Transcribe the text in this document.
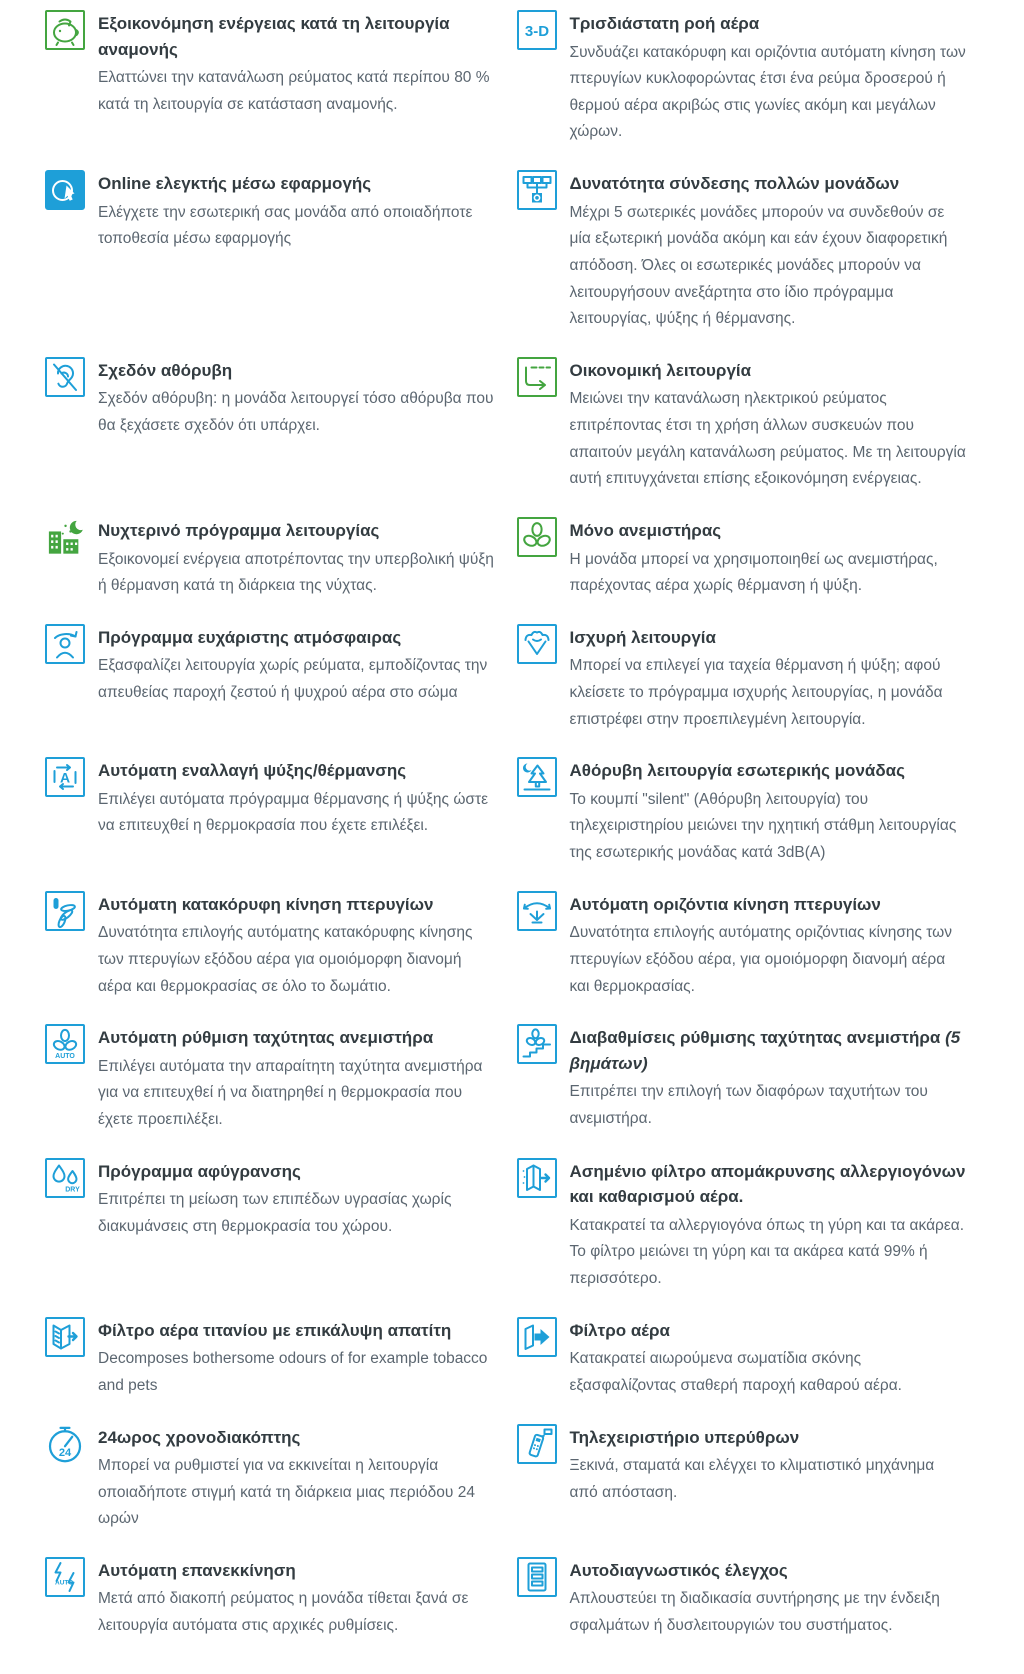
Εξοικονόμηση ενέργειας κατά τη λειτουργία αναμονής

Ελαττώνει την κατανάλωση ρεύματος κατά περίπου 80 % κατά τη λειτουργία σε κατάσταση αναμονής.

3-D Τρισδιάστατη ροή αέρα

Συνδυάζει κατακόρυφη και οριζόντια αυτόματη κίνηση των πτερυγίων κυκλοφορώντας έτσι ένα ρεύμα δροσερού ή θερμού αέρα ακριβώς στις γωνίες ακόμη και μεγάλων χώρων.

Online ελεγκτής μέσω εφαρμογής

Ελέγχετε την εσωτερική σας μονάδα από οποιαδήποτε τοποθεσία μέσω εφαρμογής

Δυνατότητα σύνδεσης πολλών μονάδων

Μέχρι 5 σωτερικές μονάδες μπορούν να συνδεθούν σε μία εξωτερική μονάδα ακόμη και εάν έχουν διαφορετική απόδοση. Όλες οι εσωτερικές μονάδες μπορούν να λειτουργήσουν ανεξάρτητα στο ίδιο πρόγραμμα λειτουργίας, ψύξης ή θέρμανσης.

Σχεδόν αθόρυβη

Σχεδόν αθόρυβη: η μονάδα λειτουργεί τόσο αθόρυβα που θα ξεχάσετε σχεδόν ότι υπάρχει.

Οικονομική λειτουργία

Μειώνει την κατανάλωση ηλεκτρικού ρεύματος επιτρέποντας έτσι τη χρήση άλλων συσκευών που απαιτούν μεγάλη κατανάλωση ρεύματος. Με τη λειτουργία αυτή επιτυγχάνεται επίσης εξοικονόμηση ενέργειας.

Νυχτερινό πρόγραμμα λειτουργίας

Εξοικονομεί ενέργεια αποτρέποντας την υπερβολική ψύξη ή θέρμανση κατά τη διάρκεια της νύχτας.

Μόνο ανεμιστήρας

Η μονάδα μπορεί να χρησιμοποιηθεί ως ανεμιστήρας, παρέχοντας αέρα χωρίς θέρμανση ή ψύξη.

Πρόγραμμα ευχάριστης ατμόσφαιρας

Εξασφαλίζει λειτουργία χωρίς ρεύματα, εμποδίζοντας την απευθείας παροχή ζεστού ή ψυχρού αέρα στο σώμα

Ισχυρή λειτουργία

Μπορεί να επιλεγεί για ταχεία θέρμανση ή ψύξη; αφού κλείσετε το πρόγραμμα ισχυρής λειτουργίας, η μονάδα επιστρέφει στην προεπιλεγμένη λειτουργία.

A Αυτόματη εναλλαγή ψύξης/θέρμανσης

Επιλέγει αυτόματα πρόγραμμα θέρμανσης ή ψύξης ώστε να επιτευχθεί η θερμοκρασία που έχετε επιλέξει.

Αθόρυβη λειτουργία εσωτερικής μονάδας

Το κουμπί "silent" (Αθόρυβη λειτουργία) του τηλεχειριστηρίου μειώνει την ηχητική στάθμη λειτουργίας της εσωτερικής μονάδας κατά 3dB(A)

Αυτόματη κατακόρυφη κίνηση πτερυγίων

Δυνατότητα επιλογής αυτόματης κατακόρυφης κίνησης των πτερυγίων εξόδου αέρα για ομοιόμορφη διανομή αέρα και θερμοκρασίας σε όλο το δωμάτιο.

Αυτόματη οριζόντια κίνηση πτερυγίων

Δυνατότητα επιλογής αυτόματης οριζόντιας κίνησης των πτερυγίων εξόδου αέρα, για ομοιόμορφη διανομή αέρα και θερμοκρασίας.

AUTO
Αυτόματη ρύθμιση ταχύτητας ανεμιστήρα

Επιλέγει αυτόματα την απαραίτητη ταχύτητα ανεμιστήρα για να επιτευχθεί ή να διατηρηθεί η θερμοκρασία που έχετε προεπιλέξει.

Διαβαθμίσεις ρύθμισης ταχύτητας ανεμιστήρα (5 βημάτων)

Επιτρέπει την επιλογή των διαφόρων ταχυτήτων του ανεμιστήρα.

DRY
Πρόγραμμα αφύγρανσης

Επιτρέπει τη μείωση των επιπέδων υγρασίας χωρίς διακυμάνσεις στη θερμοκρασία του χώρου.

Ασημένιο φίλτρο απομάκρυνσης αλλεργιογόνων και καθαρισμού αέρα.

Κατακρατεί τα αλλεργιογόνα όπως τη γύρη και τα ακάρεα. Το φίλτρο μειώνει τη γύρη και τα ακάρεα κατά 99% ή περισσότερο.

Φίλτρο αέρα τιτανίου με επικάλυψη απατίτη

Decomposes bothersome odours of for example tobacco and pets

Φίλτρο αέρα

Κατακρατεί αιωρούμενα σωματίδια σκόνης εξασφαλίζοντας σταθερή παροχή καθαρού αέρα.

24
24ωρος χρονοδιακόπτης

Μπορεί να ρυθμιστεί για να εκκινείται η λειτουργία οποιαδήποτε στιγμή κατά τη διάρκεια μιας περιόδου 24 ωρών

Τηλεχειριστήριο υπερύθρων

Ξεκινά, σταματά και ελέγχει το κλιματιστικό μηχάνημα από απόσταση.

AUTO
Αυτόματη επανεκκίνηση

Μετά από διακοπή ρεύματος η μονάδα τίθεται ξανά σε λειτουργία αυτόματα στις αρχικές ρυθμίσεις.

Αυτοδιαγνωστικός έλεγχος

Απλουστεύει τη διαδικασία συντήρησης με την ένδειξη σφαλμάτων ή δυσλειτουργιών του συστήματος.
